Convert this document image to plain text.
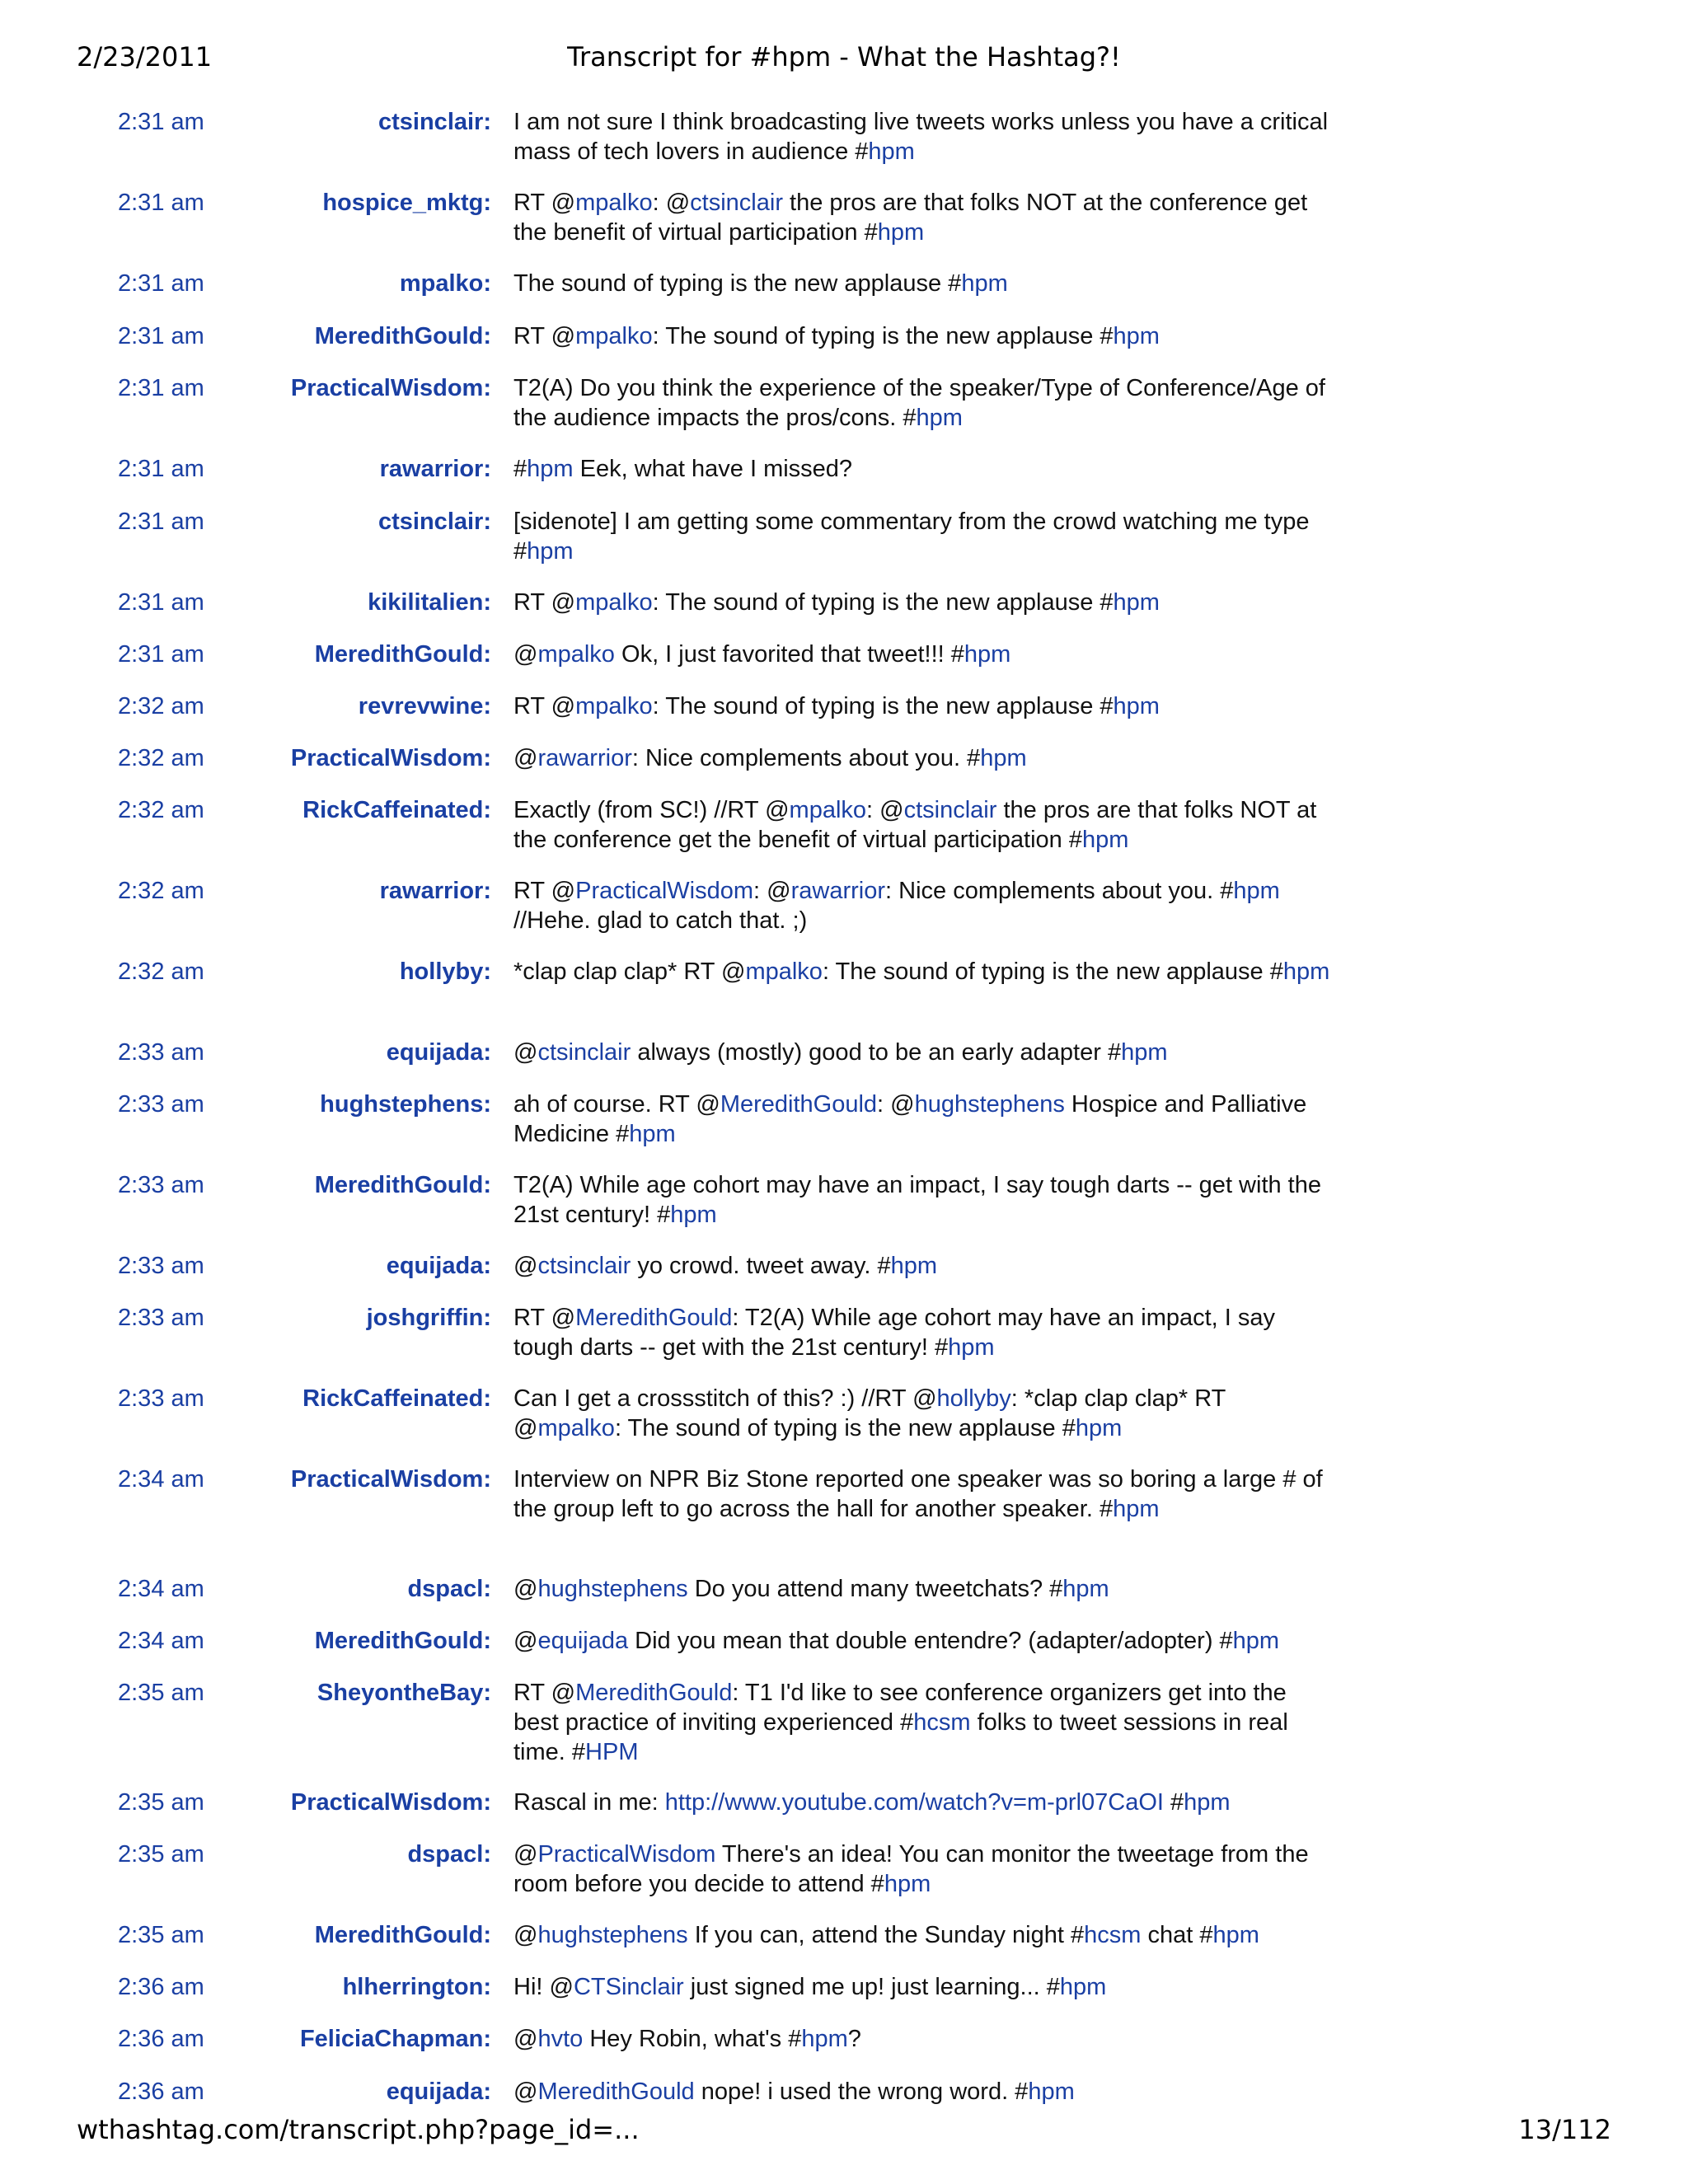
2/23/2011	Transcript for #hpm - What the Hashtag?!
2:31 am	ctsinclair: I am not sure I think broadcasting live tweets works unless you have a critical mass of tech lovers in audience #hpm
2:31 am	hospice_mktg: RT @mpalko: @ctsinclair the pros are that folks NOT at the conference get the benefit of virtual participation #hpm
2:31 am	mpalko: The sound of typing is the new applause #hpm
2:31 am	MeredithGould: RT @mpalko: The sound of typing is the new applause #hpm
2:31 am	PracticalWisdom: T2(A) Do you think the experience of the speaker/Type of Conference/Age of the audience impacts the pros/cons. #hpm
2:31 am	rawarrior: #hpm Eek, what have I missed?
2:31 am	ctsinclair: [sidenote] I am getting some commentary from the crowd watching me type #hpm
2:31 am	kikilitalien: RT @mpalko: The sound of typing is the new applause #hpm
2:31 am	MeredithGould: @mpalko Ok, I just favorited that tweet!!! #hpm
2:32 am	revrevwine: RT @mpalko: The sound of typing is the new applause #hpm
2:32 am	PracticalWisdom: @rawarrior: Nice complements about you. #hpm
2:32 am	RickCaffeinated: Exactly (from SC!) //RT @mpalko: @ctsinclair the pros are that folks NOT at the conference get the benefit of virtual participation #hpm
2:32 am	rawarrior: RT @PracticalWisdom: @rawarrior: Nice complements about you. #hpm //Hehe. glad to catch that. ;)
2:32 am	hollyby: *clap clap clap* RT @mpalko: The sound of typing is the new applause #hpm
2:33 am	equijada: @ctsinclair always (mostly) good to be an early adapter #hpm
2:33 am	hughstephens: ah of course. RT @MeredithGould: @hughstephens Hospice and Palliative Medicine #hpm
2:33 am	MeredithGould: T2(A) While age cohort may have an impact, I say tough darts -- get with the 21st century! #hpm
2:33 am	equijada: @ctsinclair yo crowd. tweet away. #hpm
2:33 am	joshgriffin: RT @MeredithGould: T2(A) While age cohort may have an impact, I say tough darts -- get with the 21st century! #hpm
2:33 am	RickCaffeinated: Can I get a crossstitch of this? :) //RT @hollyby: *clap clap clap* RT @mpalko: The sound of typing is the new applause #hpm
2:34 am	PracticalWisdom: Interview on NPR Biz Stone reported one speaker was so boring a large # of the group left to go across the hall for another speaker. #hpm
2:34 am	dspacl: @hughstephens Do you attend many tweetchats? #hpm
2:34 am	MeredithGould: @equijada Did you mean that double entendre? (adapter/adopter) #hpm
2:35 am	SheyontheBay: RT @MeredithGould: T1 I'd like to see conference organizers get into the best practice of inviting experienced #hcsm folks to tweet sessions in real time. #HPM
2:35 am	PracticalWisdom: Rascal in me: http://www.youtube.com/watch?v=m-prl07CaOI #hpm
2:35 am	dspacl: @PracticalWisdom There's an idea! You can monitor the tweetage from the room before you decide to attend #hpm
2:35 am	MeredithGould: @hughstephens If you can, attend the Sunday night #hcsm chat #hpm
2:36 am	hlherrington: Hi! @CTSinclair just signed me up! just learning... #hpm
2:36 am	FeliciaChapman: @hvto Hey Robin, what's #hpm?
2:36 am	equijada: @MeredithGould nope! i used the wrong word. #hpm
wthashtag.com/transcript.php?page_id=...	13/112
